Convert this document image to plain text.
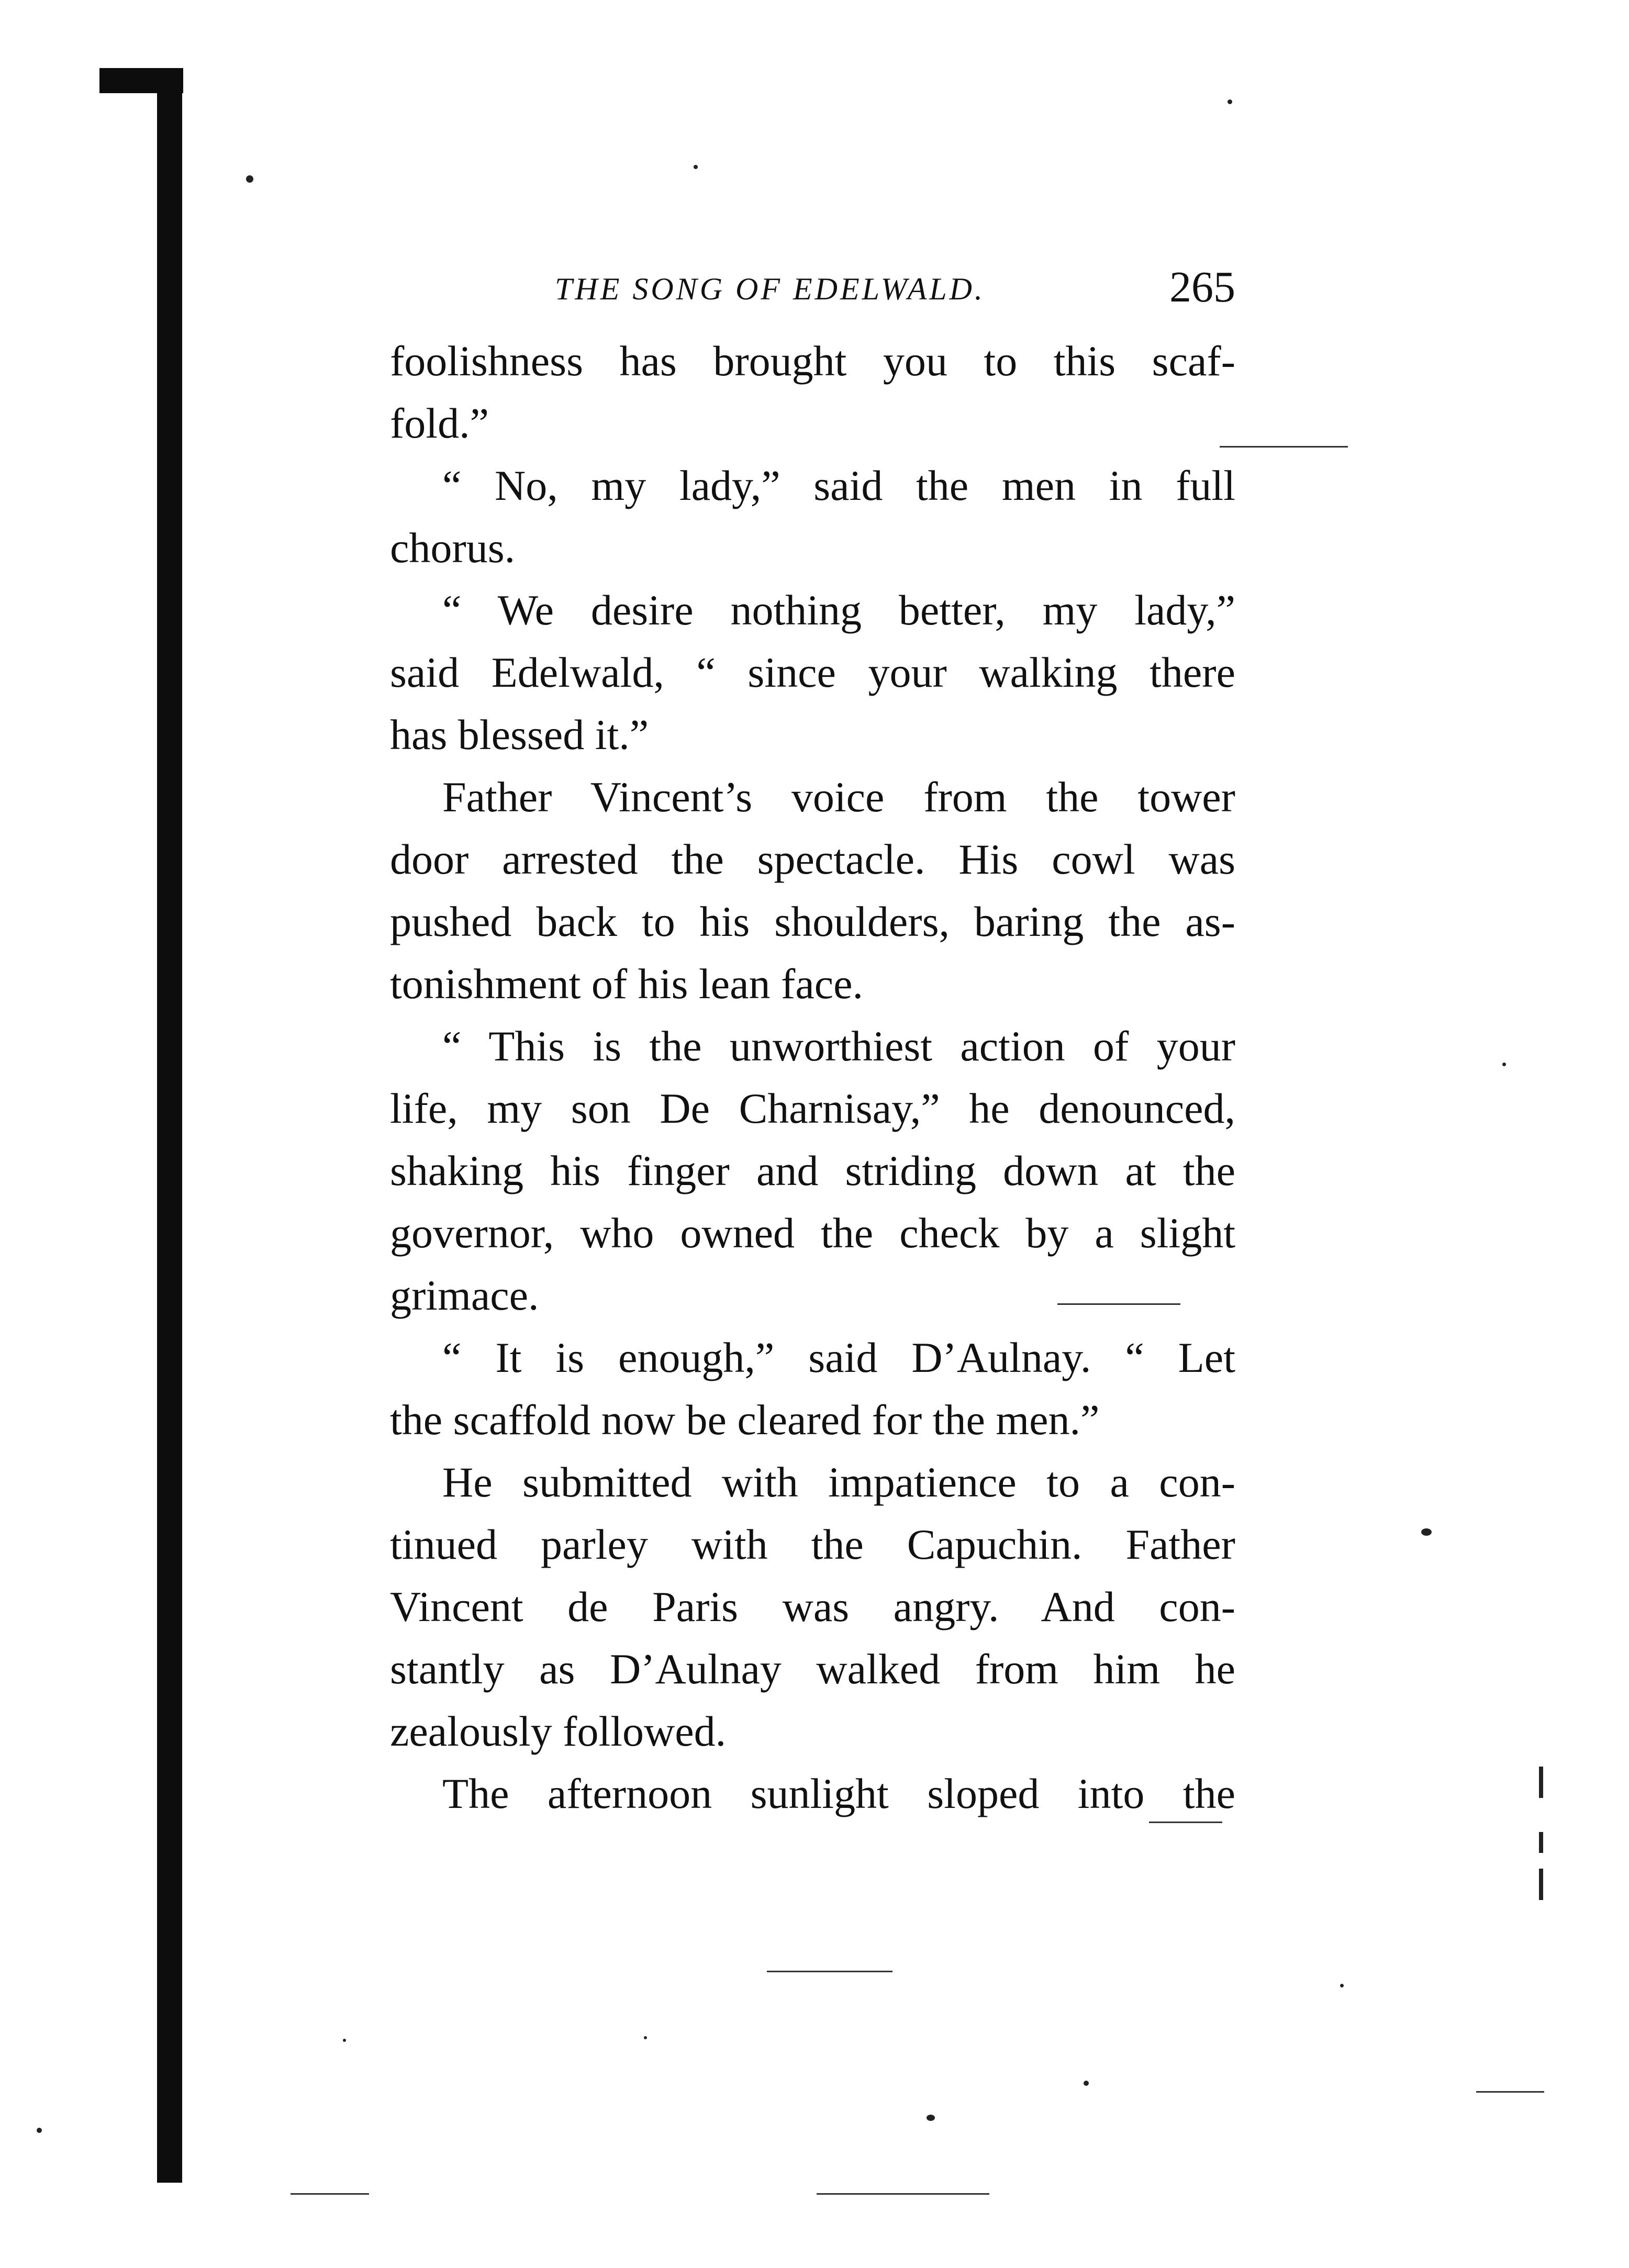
THE SONG OF EDELWALD.	265
foolishness has brought you to this scaf-
fold.”
“ No, my lady,” said the men in full
chorus.
“ We desire nothing better, my lady,”
said Edelwald, “ since your walking there
has blessed it.”
Father Vincent’s voice from the tower
door arrested the spectacle. His cowl was
pushed back to his shoulders, baring the as-
tonishment of his lean face.
“ This is the unworthiest action of your
life, my son De Charnisay,” he denounced,
shaking his finger and striding down at the
governor, who owned the check by a slight
grimace.
“ It is enough,” said D’Aulnay. “ Let
the scaffold now be cleared for the men.”
He submitted with impatience to a con-
tinued parley with the Capuchin. Father
Vincent de Paris was angry. And con-
stantly as D’Aulnay walked from him he
zealously followed.
The afternoon sunlight sloped into the
